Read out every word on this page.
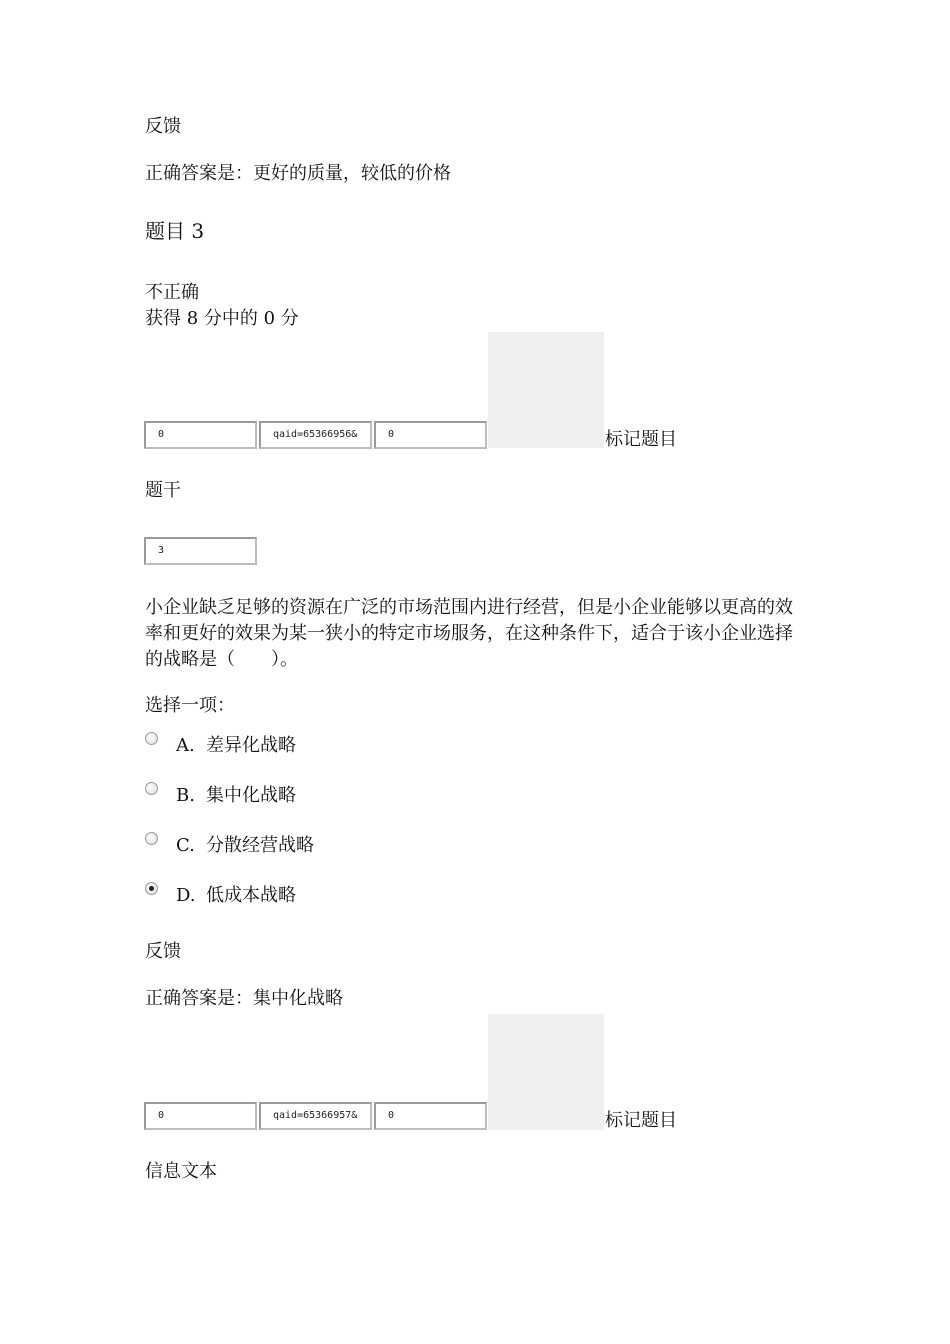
反馈
正确答案是：更好的质量，较低的价格
题目 3
不正确
获得 8 分中的 0 分
0	qaid=65366956&	0	标记题目
题干
3
小企业缺乏足够的资源在广泛的市场范围内进行经营，但是小企业能够以更高的效率和更好的效果为某一狭小的特定市场服务，在这种条件下，适合于该小企业选择的战略是（　　）。
选择一项：
A. 差异化战略
B. 集中化战略
C. 分散经营战略
D. 低成本战略
反馈
正确答案是：集中化战略
0	qaid=65366957&	0	标记题目
信息文本
